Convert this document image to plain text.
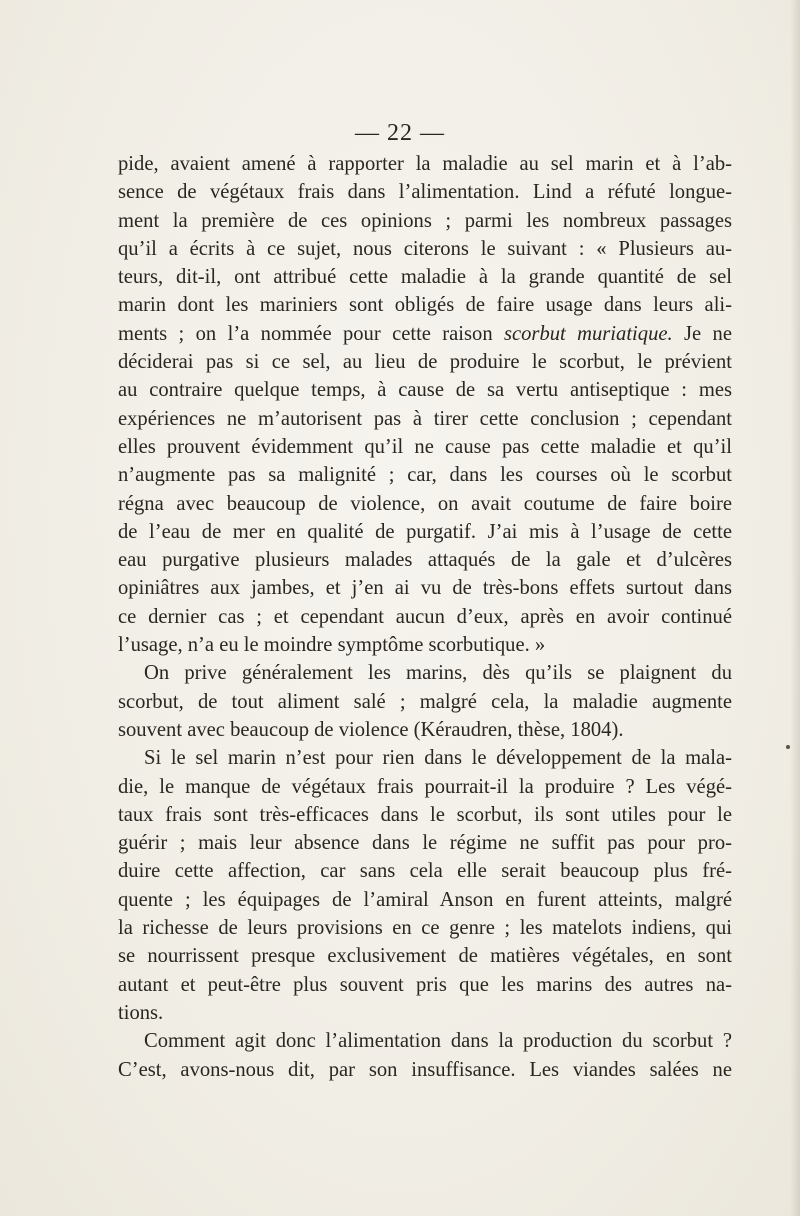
— 22 —
pide, avaient amené à rapporter la maladie au sel marin et à l’ab-
sence de végétaux frais dans l’alimentation. Lind a réfuté longue-
ment la première de ces opinions ; parmi les nombreux passages
qu’il a écrits à ce sujet, nous citerons le suivant : « Plusieurs au-
teurs, dit-il, ont attribué cette maladie à la grande quantité de sel
marin dont les mariniers sont obligés de faire usage dans leurs ali-
ments ; on l’a nommée pour cette raison scorbut muriatique. Je ne
déciderai pas si ce sel, au lieu de produire le scorbut, le prévient
au contraire quelque temps, à cause de sa vertu antiseptique : mes
expériences ne m’autorisent pas à tirer cette conclusion ; cependant
elles prouvent évidemment qu’il ne cause pas cette maladie et qu’il
n’augmente pas sa malignité ; car, dans les courses où le scorbut
régna avec beaucoup de violence, on avait coutume de faire boire
de l’eau de mer en qualité de purgatif. J’ai mis à l’usage de cette
eau purgative plusieurs malades attaqués de la gale et d’ulcères
opiniâtres aux jambes, et j’en ai vu de très-bons effets surtout dans
ce dernier cas ; et cependant aucun d’eux, après en avoir continué
l’usage, n’a eu le moindre symptôme scorbutique. »
On prive généralement les marins, dès qu’ils se plaignent du
scorbut, de tout aliment salé ; malgré cela, la maladie augmente
souvent avec beaucoup de violence (Kéraudren, thèse, 1804).
Si le sel marin n’est pour rien dans le développement de la mala-
die, le manque de végétaux frais pourrait-il la produire ? Les végé-
taux frais sont très-efficaces dans le scorbut, ils sont utiles pour le
guérir ; mais leur absence dans le régime ne suffit pas pour pro-
duire cette affection, car sans cela elle serait beaucoup plus fré-
quente ; les équipages de l’amiral Anson en furent atteints, malgré
la richesse de leurs provisions en ce genre ; les matelots indiens, qui
se nourrissent presque exclusivement de matières végétales, en sont
autant et peut-être plus souvent pris que les marins des autres na-
tions.
Comment agit donc l’alimentation dans la production du scorbut ?
C’est, avons-nous dit, par son insuffisance. Les viandes salées ne
